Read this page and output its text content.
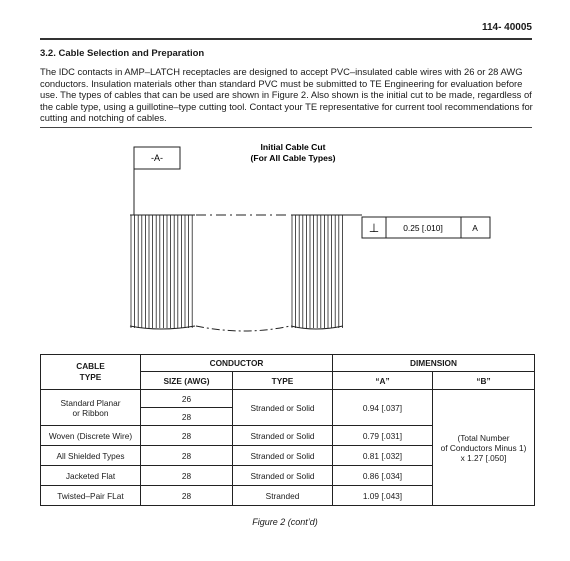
114- 40005
3.2. Cable Selection and Preparation
The IDC contacts in AMP–LATCH receptacles are designed to accept PVC–insulated cable wires with 26 or 28 AWG conductors. Insulation materials other than standard PVC must be submitted to TE Engineering for evaluation before use. The types of cables that can be used are shown in Figure 2. Also shown is the initial cut to be made, regardless of the cable type, using a guillotine–type cutting tool. Contact your TE representative for current tool recommendations for cutting and notching of cables.
-A-
Initial Cable Cut
(For All Cable Types)
⊥	0.25 [.010]	A
CABLE
TYPE	CONDUCTOR		DIMENSION	
	SIZE (AWG)	TYPE	“A”	“B”
Standard Planar
or Ribbon	26	Stranded or Solid	0.94 [.037]	(Total Number
of Conductors Minus 1)
x 1.27 [.050]
	28			
Woven (Discrete Wire)	28	Stranded or Solid	0.79 [.031]	
All Shielded Types	28	Stranded or Solid	0.81 [.032]	
Jacketed Flat	28	Stranded or Solid	0.86 [.034]	
Twisted–Pair FLat	28	Stranded	1.09 [.043]	
Figure 2 (cont’d)
